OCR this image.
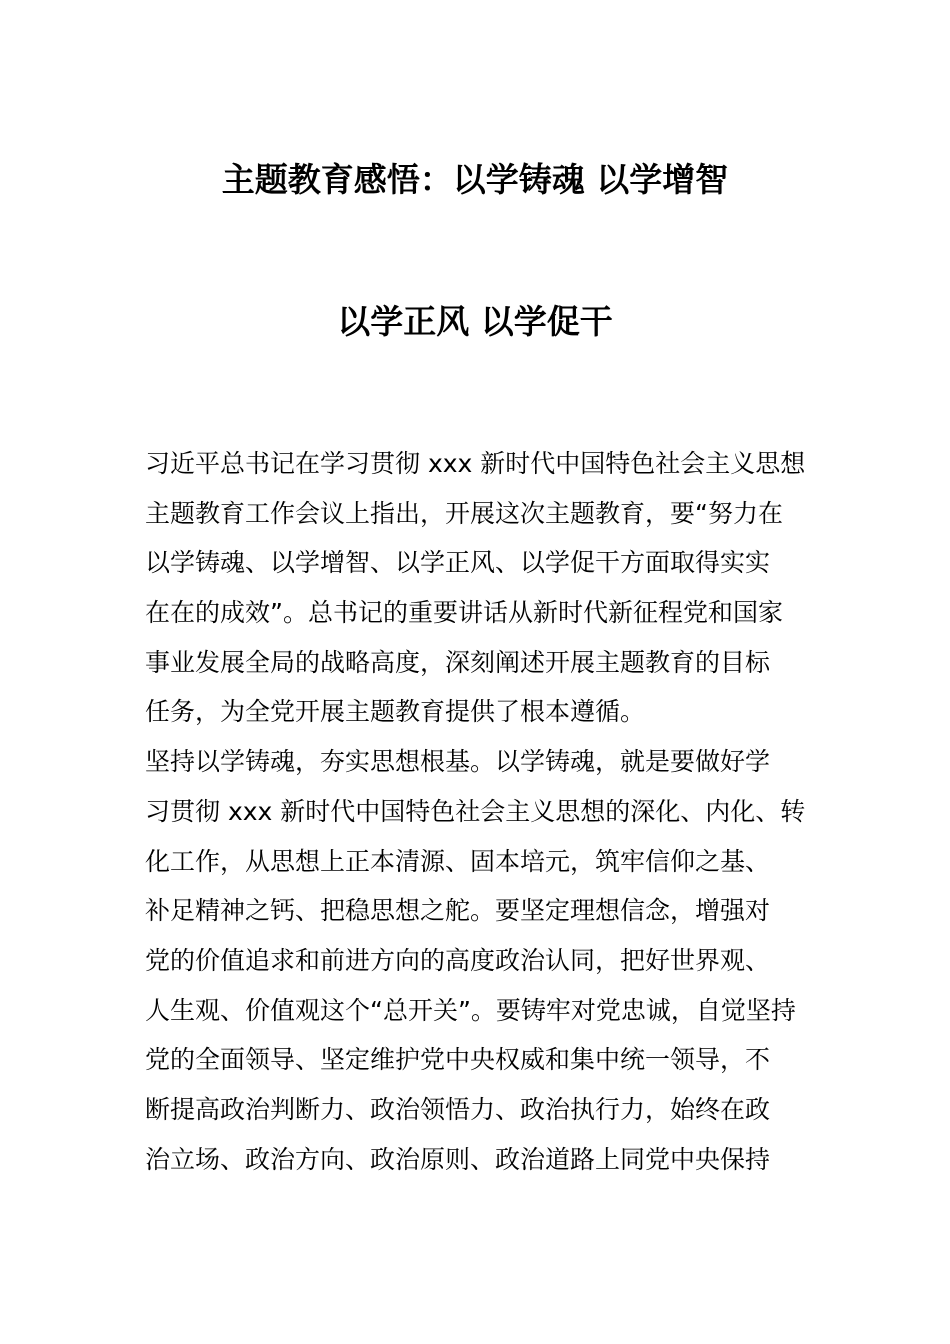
主题教育感悟：以学铸魂 以学增智
以学正风 以学促干
习近平总书记在学习贯彻 xxx 新时代中国特色社会主义思想
主题教育工作会议上指出，开展这次主题教育，要“努力在
以学铸魂、以学增智、以学正风、以学促干方面取得实实
在在的成效”。总书记的重要讲话从新时代新征程党和国家
事业发展全局的战略高度，深刻阐述开展主题教育的目标
任务，为全党开展主题教育提供了根本遵循。
坚持以学铸魂，夯实思想根基。以学铸魂，就是要做好学
习贯彻 xxx 新时代中国特色社会主义思想的深化、内化、转
化工作，从思想上正本清源、固本培元，筑牢信仰之基、
补足精神之钙、把稳思想之舵。要坚定理想信念，增强对
党的价值追求和前进方向的高度政治认同，把好世界观、
人生观、价值观这个“总开关”。要铸牢对党忠诚，自觉坚持
党的全面领导、坚定维护党中央权威和集中统一领导，不
断提高政治判断力、政治领悟力、政治执行力，始终在政
治立场、政治方向、政治原则、政治道路上同党中央保持
